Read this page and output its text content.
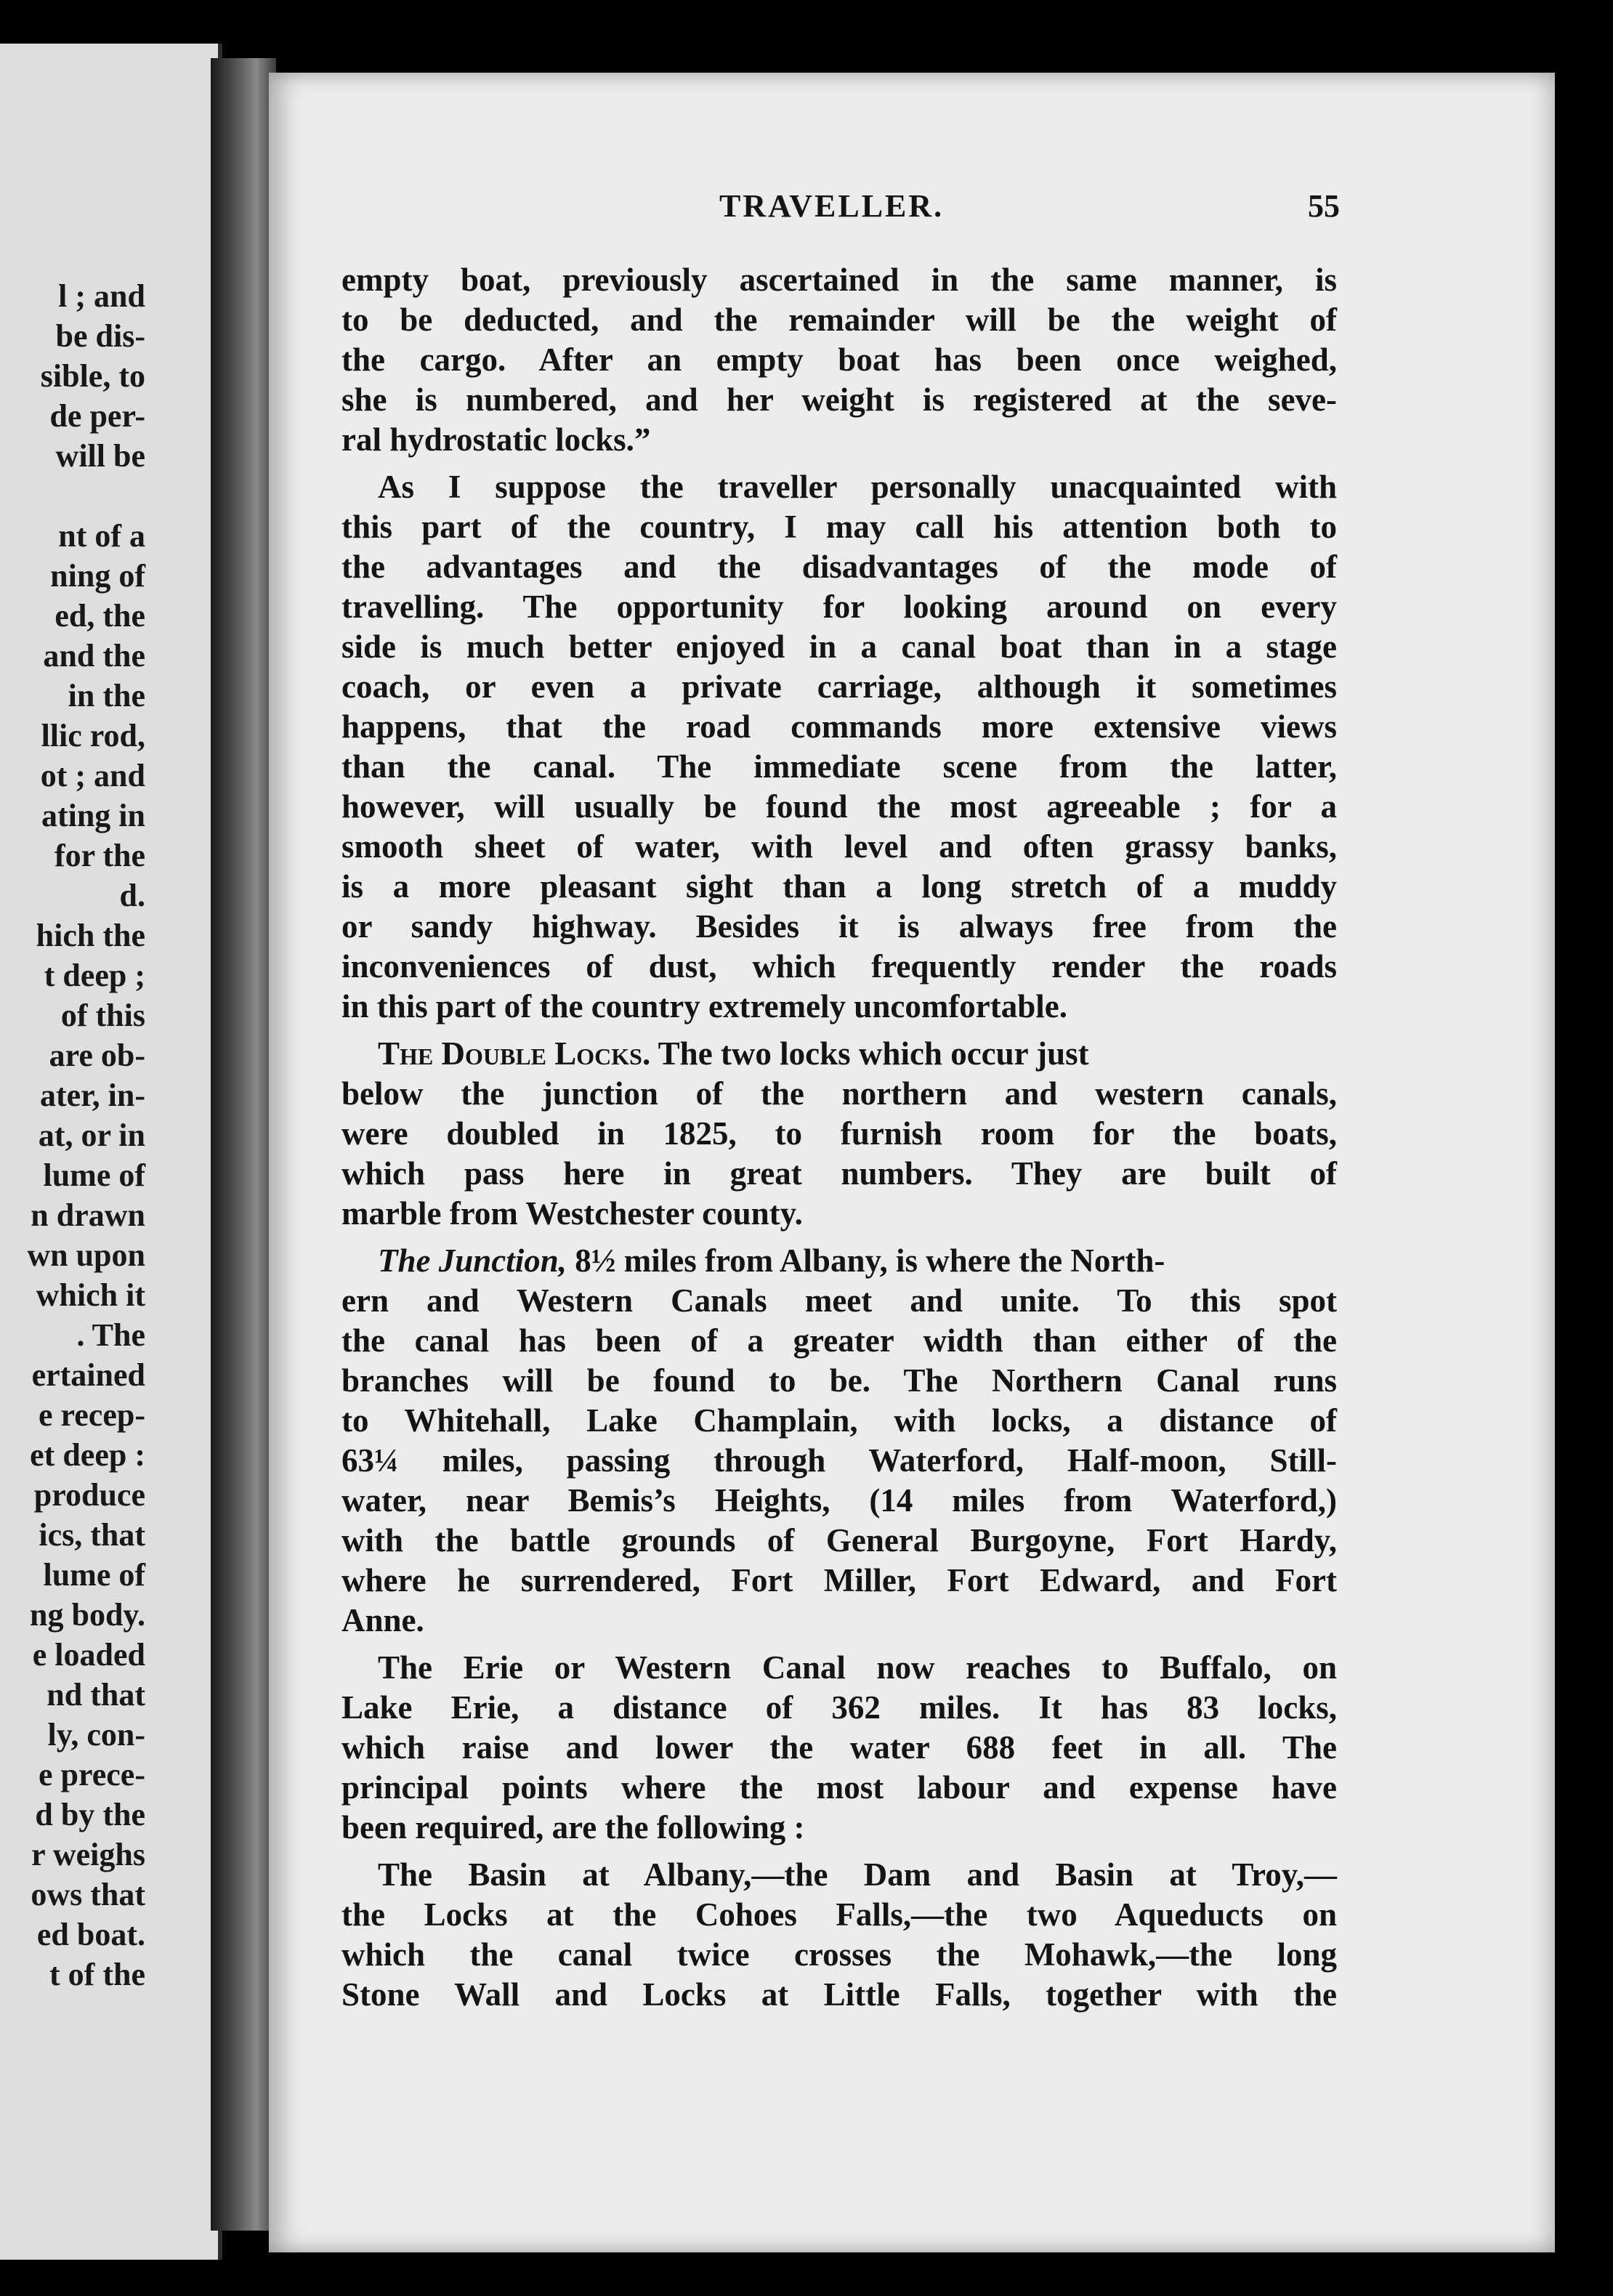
l ; and
be dis-
sible, to
de per-
will be
nt of a
ning of
ed, the
and the
in the
llic rod,
ot ; and
ating in
for the
d.
hich the
t deep ;
of this
are ob-
ater, in-
at, or in
lume of
n drawn
wn upon
which it
. The
ertained
e recep-
et deep :
produce
ics, that
lume of
ng body.
e loaded
nd that
ly, con-
e prece-
d by the
r weighs
ows that
ed boat.
t of the
TRAVELLER.	55
empty boat, previously ascertained in the same manner, is
to be deducted, and the remainder will be the weight of
the cargo. After an empty boat has been once weighed,
she is numbered, and her weight is registered at the seve-
ral hydrostatic locks.”
As I suppose the traveller personally unacquainted with
this part of the country, I may call his attention both to
the advantages and the disadvantages of the mode of
travelling. The opportunity for looking around on every
side is much better enjoyed in a canal boat than in a stage
coach, or even a private carriage, although it sometimes
happens, that the road commands more extensive views
than the canal. The immediate scene from the latter,
however, will usually be found the most agreeable ; for a
smooth sheet of water, with level and often grassy banks,
is a more pleasant sight than a long stretch of a muddy
or sandy highway. Besides it is always free from the
inconveniences of dust, which frequently render the roads
in this part of the country extremely uncomfortable.
The Double Locks. The two locks which occur just
below the junction of the northern and western canals,
were doubled in 1825, to furnish room for the boats,
which pass here in great numbers. They are built of
marble from Westchester county.
The Junction, 8½ miles from Albany, is where the North-
ern and Western Canals meet and unite. To this spot
the canal has been of a greater width than either of the
branches will be found to be. The Northern Canal runs
to Whitehall, Lake Champlain, with locks, a distance of
63¼ miles, passing through Waterford, Half-moon, Still-
water, near Bemis’s Heights, (14 miles from Waterford,)
with the battle grounds of General Burgoyne, Fort Hardy,
where he surrendered, Fort Miller, Fort Edward, and Fort
Anne.
The Erie or Western Canal now reaches to Buffalo, on
Lake Erie, a distance of 362 miles. It has 83 locks,
which raise and lower the water 688 feet in all. The
principal points where the most labour and expense have
been required, are the following :
The Basin at Albany,—the Dam and Basin at Troy,—
the Locks at the Cohoes Falls,—the two Aqueducts on
which the canal twice crosses the Mohawk,—the long
Stone Wall and Locks at Little Falls, together with the
